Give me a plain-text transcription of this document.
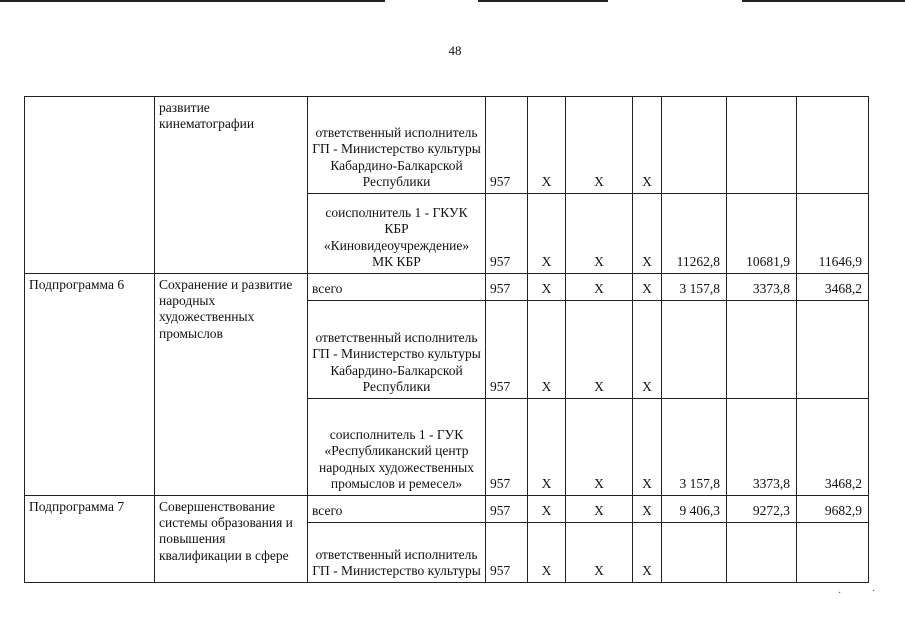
48
	развитие кинематографии	ответственный исполнитель ГП - Министерство культуры Кабардино-Балкарской Республики	957	X	X	X			
		соисполнитель 1 - ГКУК КБР «Киновидеоучреждение» МК КБР	957	X	X	X	11262,8	10681,9	11646,9
Подпрограмма 6	Сохранение и развитие народных художественных промыслов	всего	957	X	X	X	3 157,8	3373,8	3468,2
		ответственный исполнитель ГП - Министерство культуры Кабардино-Балкарской Республики	957	X	X	X			
		соисполнитель 1 - ГУК «Республиканский центр народных художественных промыслов и ремесел»	957	X	X	X	3 157,8	3373,8	3468,2
Подпрограмма 7	Совершенствование системы образования и повышения квалификации в сфере	всего	957	X	X	X	9 406,3	9272,3	9682,9
		ответственный исполнитель ГП - Министерство культуры	957	X	X	X			
·	·
